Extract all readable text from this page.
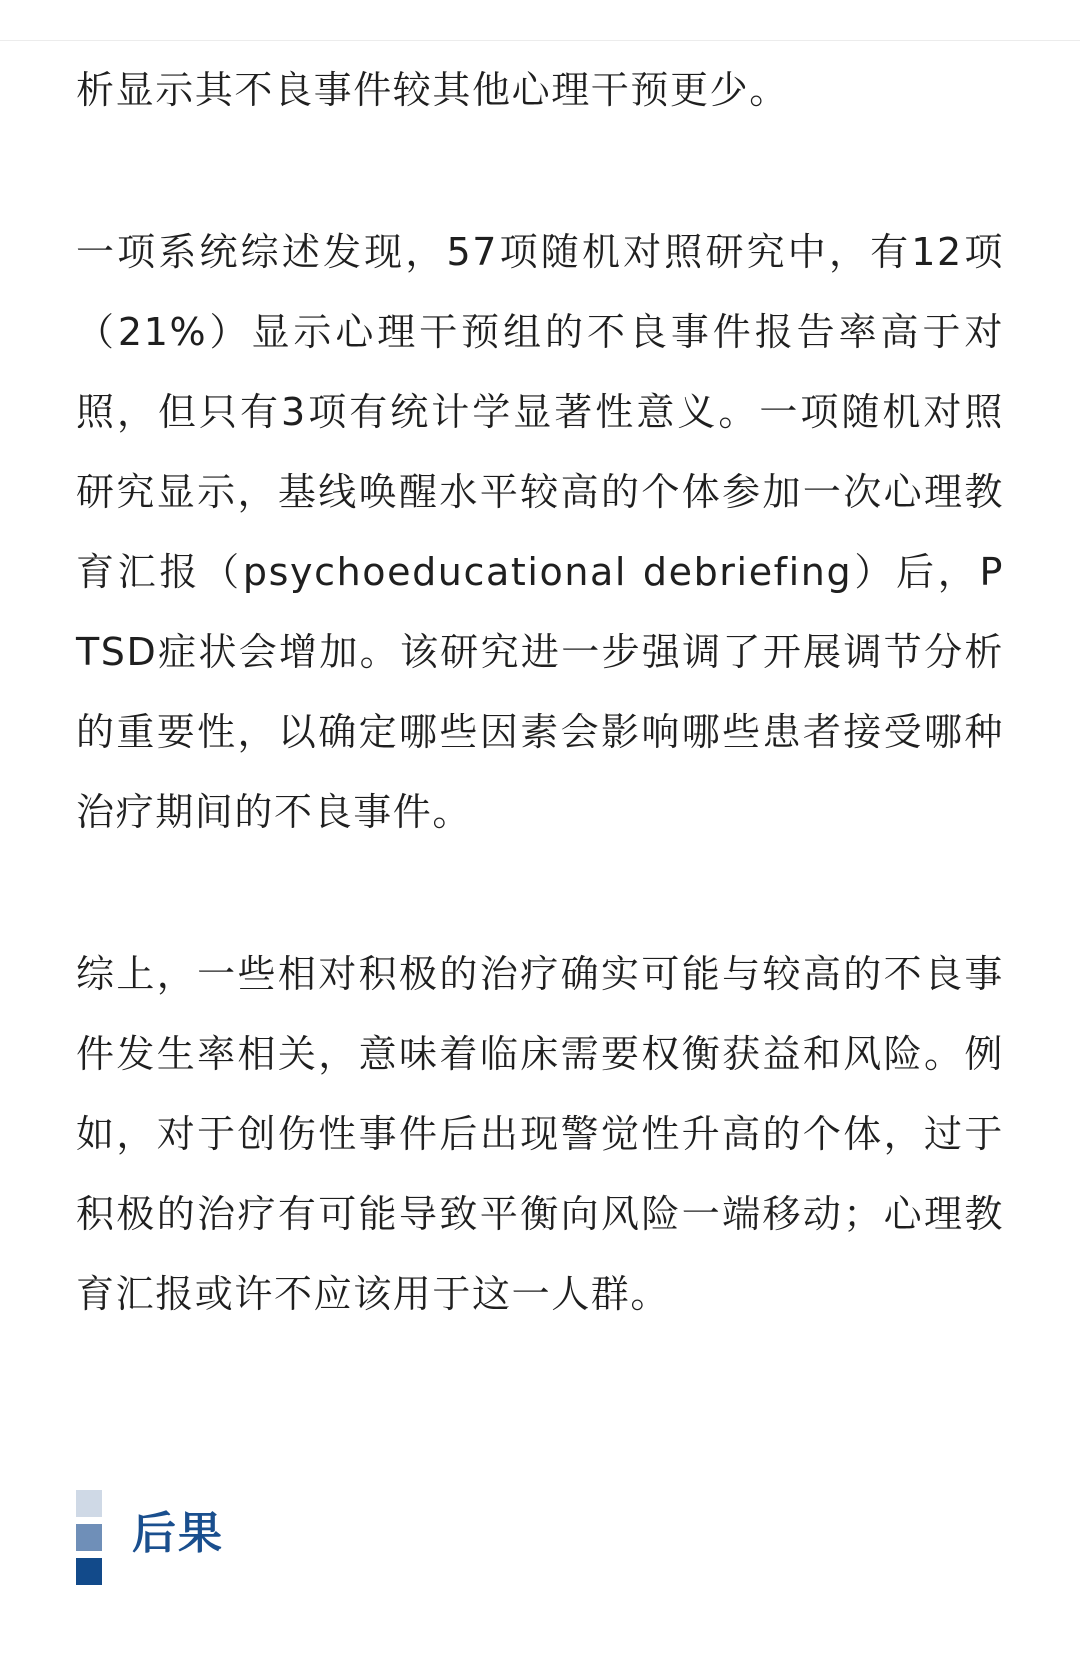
析显示其不良事件较其他心理干预更少。

一项系统综述发现，57项随机对照研究中，有12项（21%）显示心理干预组的不良事件报告率高于对照，但只有3项有统计学显著性意义。一项随机对照研究显示，基线唤醒水平较高的个体参加一次心理教育汇报（psychoeducational debriefing）后，PTSD症状会增加。该研究进一步强调了开展调节分析的重要性，以确定哪些因素会影响哪些患者接受哪种治疗期间的不良事件。

综上，一些相对积极的治疗确实可能与较高的不良事件发生率相关，意味着临床需要权衡获益和风险。例如，对于创伤性事件后出现警觉性升高的个体，过于积极的治疗有可能导致平衡向风险一端移动；心理教育汇报或许不应该用于这一人群。

后果
